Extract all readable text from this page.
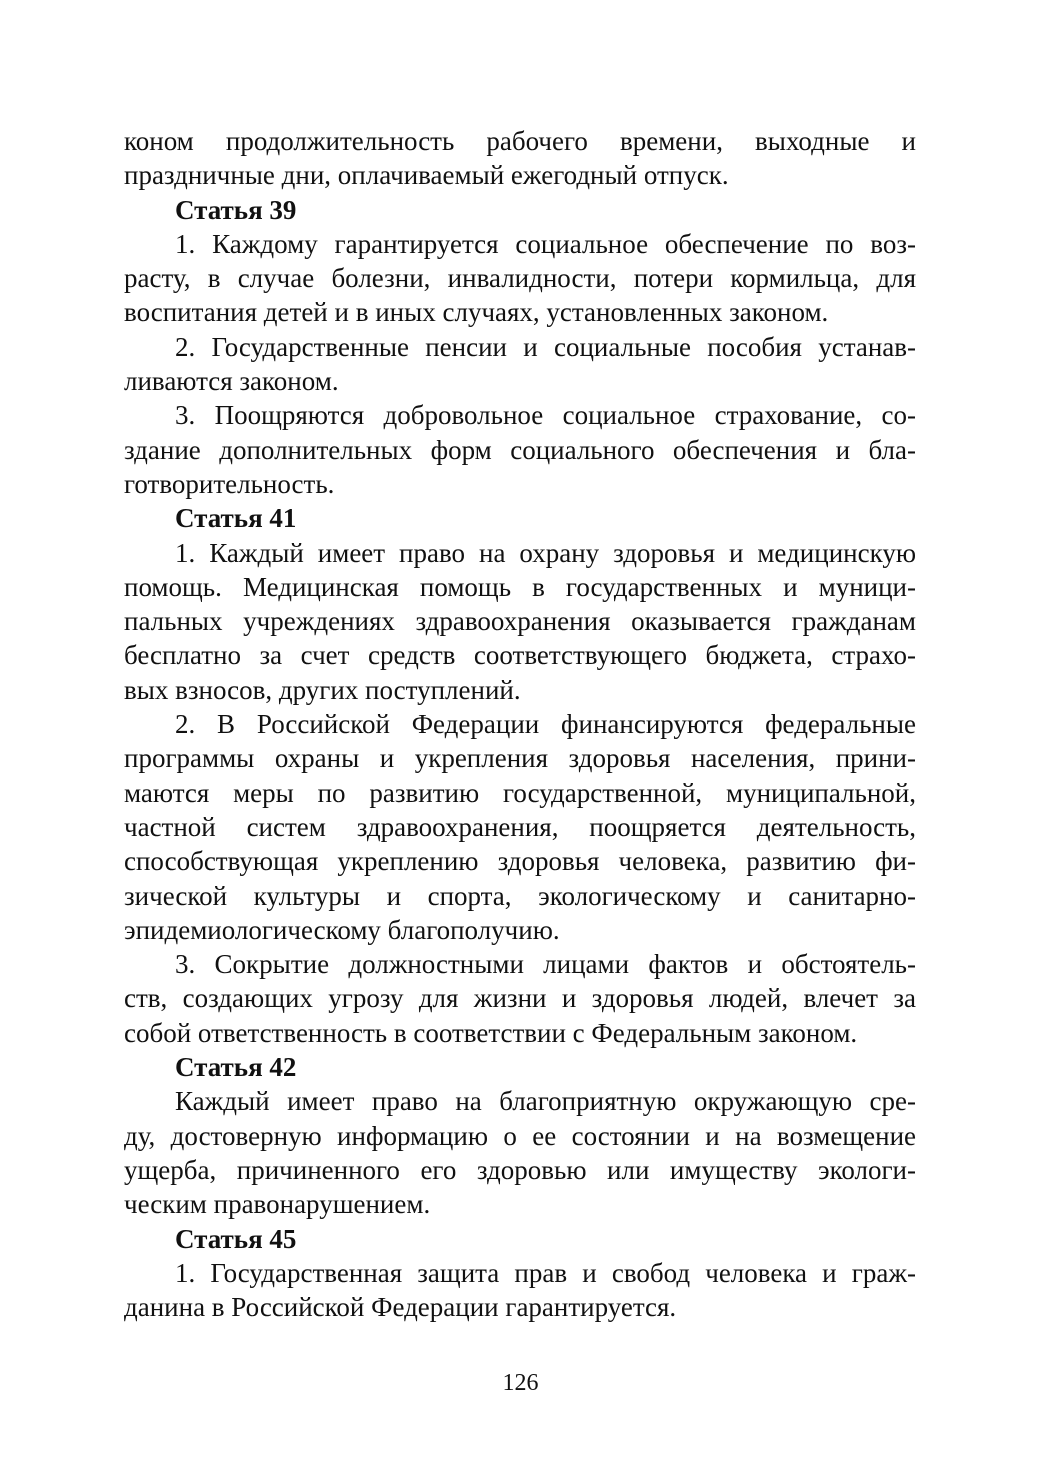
коном продолжительность рабочего времени, выходные и
праздничные дни, оплачиваемый ежегодный отпуск.
Статья 39
1. Каждому гарантируется социальное обеспечение по воз-
расту, в случае болезни, инвалидности, потери кормильца, для
воспитания детей и в иных случаях, установленных законом.
2. Государственные пенсии и социальные пособия устанав-
ливаются законом.
3. Поощряются добровольное социальное страхование, со-
здание дополнительных форм социального обеспечения и бла-
готворительность.
Статья 41
1. Каждый имеет право на охрану здоровья и медицинскую
помощь. Медицинская помощь в государственных и муници-
пальных учреждениях здравоохранения оказывается гражданам
бесплатно за счет средств соответствующего бюджета, страхо-
вых взносов, других поступлений.
2. В Российской Федерации финансируются федеральные
программы охраны и укрепления здоровья населения, прини-
маются меры по развитию государственной, муниципальной,
частной систем здравоохранения, поощряется деятельность,
способствующая укреплению здоровья человека, развитию фи-
зической культуры и спорта, экологическому и санитарно-
эпидемиологическому благополучию.
3. Сокрытие должностными лицами фактов и обстоятель-
ств, создающих угрозу для жизни и здоровья людей, влечет за
собой ответственность в соответствии с Федеральным законом.
Статья 42
Каждый имеет право на благоприятную окружающую сре-
ду, достоверную информацию о ее состоянии и на возмещение
ущерба, причиненного его здоровью или имуществу экологи-
ческим правонарушением.
Статья 45
1. Государственная защита прав и свобод человека и граж-
данина в Российской Федерации гарантируется.
126
